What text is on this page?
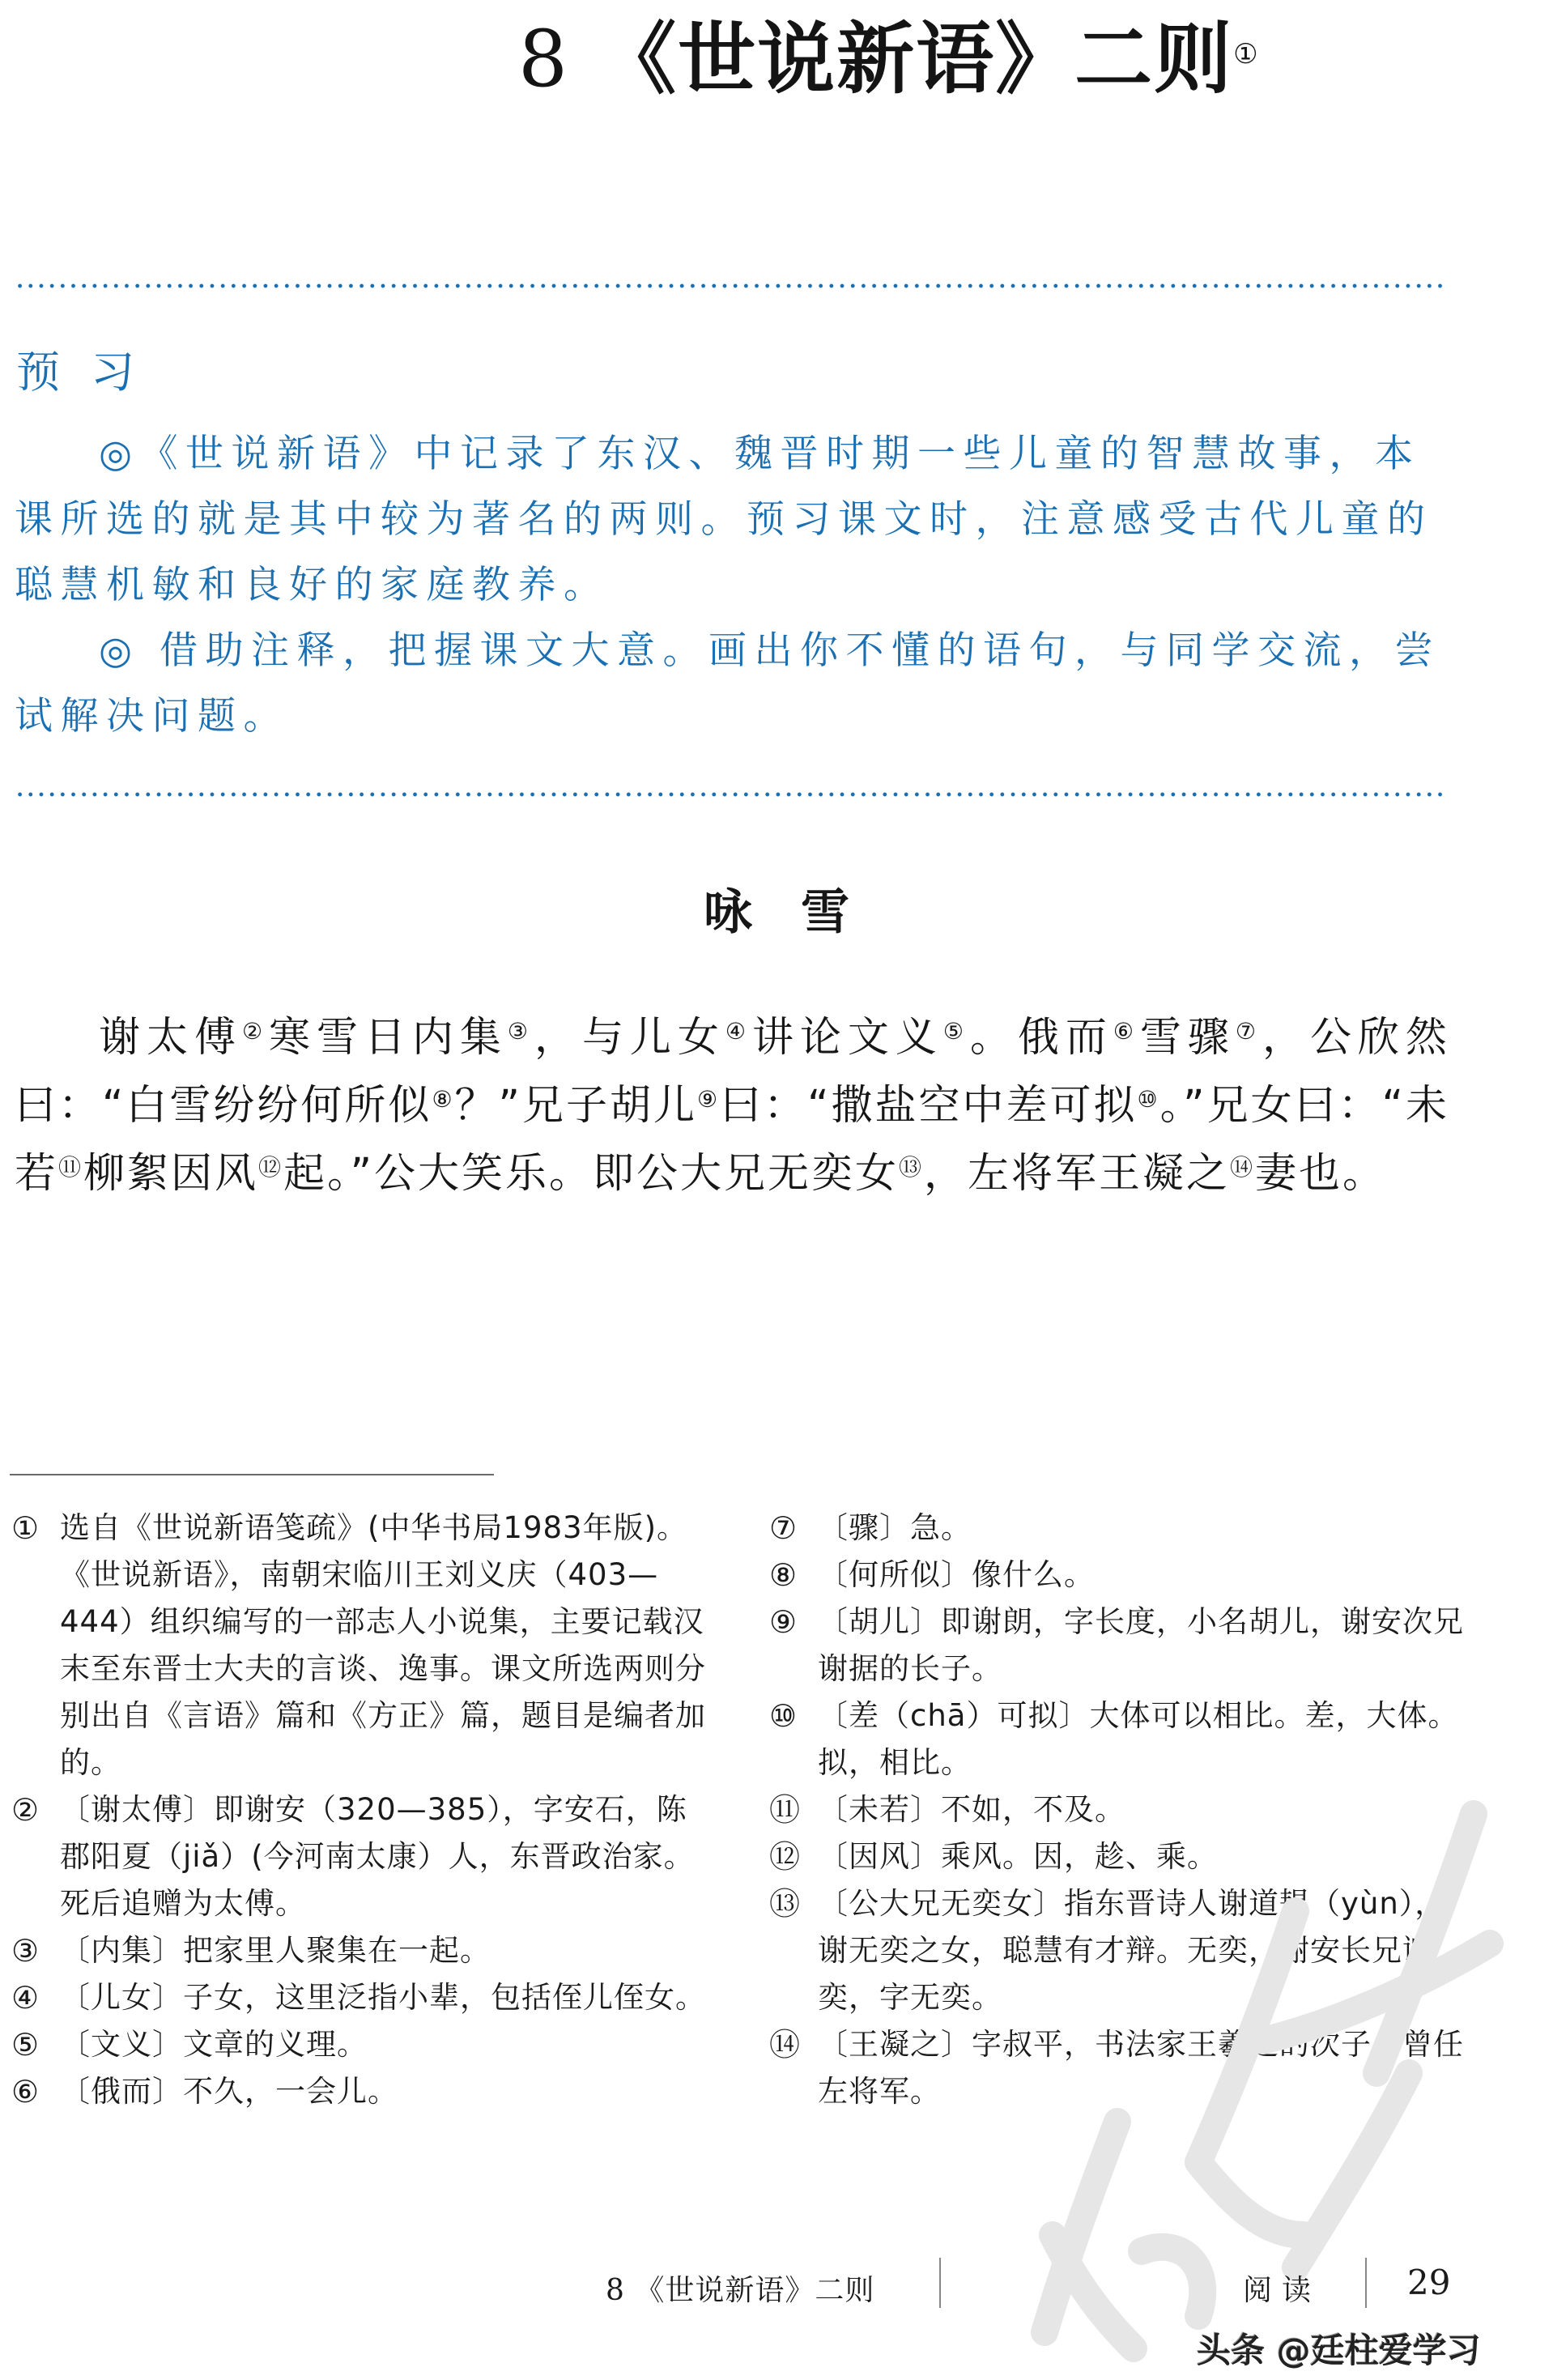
8 《世说新语》二则①
预习

◎《世说新语》中记录了东汉、魏晋时期一些儿童的智慧故事，本课所选的就是其中较为著名的两则。预习课文时，注意感受古代儿童的聪慧机敏和良好的家庭教养。

◎ 借助注释，把握课文大意。画出你不懂的语句，与同学交流，尝试解决问题。

咏雪

谢太傅②寒雪日内集③，与儿女④讲论文义⑤。俄而⑥雪骤⑦，公欣然曰：“白雪纷纷何所似⑧？”兄子胡儿⑨曰：“撒盐空中差可拟⑩。”兄女曰：“未若⑪柳絮因风⑫起。”公大笑乐。即公大兄无奕女⑬，左将军王凝之⑭妻也。

① 选自《世说新语笺疏》(中华书局1983年版)。《世说新语》，南朝宋临川王刘义庆（403—444）组织编写的一部志人小说集，主要记载汉末至东晋士大夫的言谈、逸事。课文所选两则分别出自《言语》篇和《方正》篇，题目是编者加的。
② 〔谢太傅〕即谢安（320—385），字安石，陈郡阳夏（jiǎ）(今河南太康）人，东晋政治家。死后追赠为太傅。
③ 〔内集〕把家里人聚集在一起。
④ 〔儿女〕子女，这里泛指小辈，包括侄儿侄女。
⑤ 〔文义〕文章的义理。
⑥ 〔俄而〕不久，一会儿。
⑦ 〔骤〕急。
⑧ 〔何所似〕像什么。
⑨ 〔胡儿〕即谢朗，字长度，小名胡儿，谢安次兄谢据的长子。
⑩ 〔差（chā）可拟〕大体可以相比。差，大体。拟，相比。
⑪ 〔未若〕不如，不及。
⑫ 〔因风〕乘风。因，趁、乘。
⑬ 〔公大兄无奕女〕指东晋诗人谢道韫（yùn），谢无奕之女，聪慧有才辩。无奕，谢安长兄谢奕，字无奕。
⑭ 〔王凝之〕字叔平，书法家王羲之的次子，曾任左将军。
8 《世说新语》二则	阅读	29
头条 @廷柱爱学习
